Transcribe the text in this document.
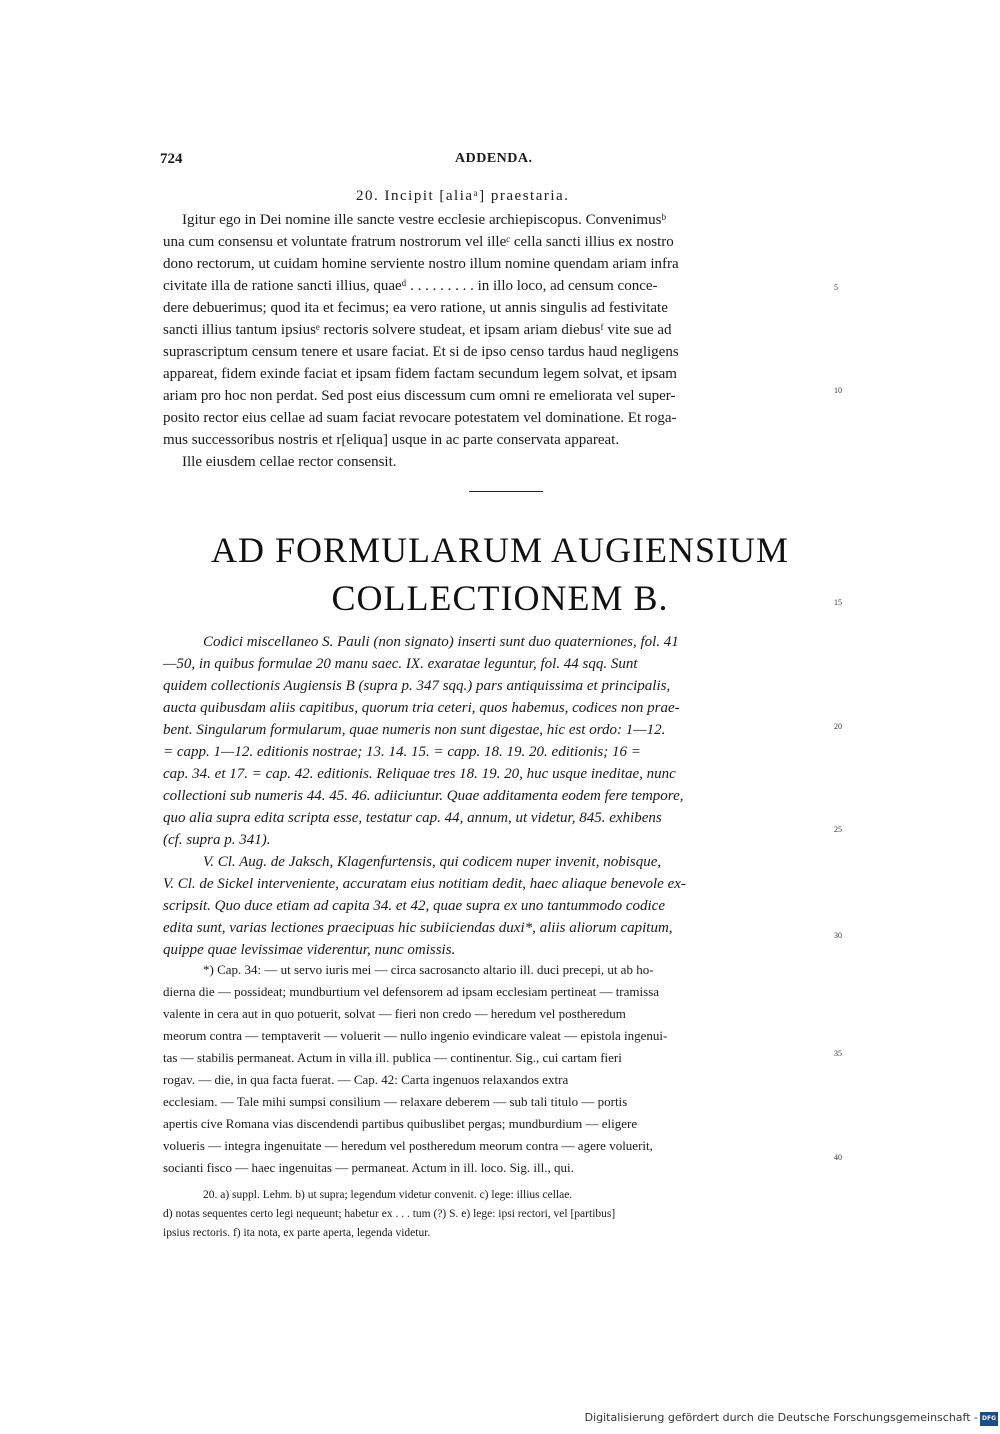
724	ADDENDA.
20. Incipit [aliaᵃ] praestaria.
Igitur ego in Dei nomine ille sancte vestre ecclesie archiepiscopus. Convenimusᵇ
una cum consensu et voluntate fratrum nostrorum vel illeᶜ cella sancti illius ex nostro
dono rectorum, ut cuidam homine serviente nostro illum nomine quendam ariam infra
civitate illa de ratione sancti illius, quaeᵈ . . . . . . . . . in illo loco, ad censum conce-
dere debuerimus; quod ita et fecimus; ea vero ratione, ut annis singulis ad festivitate
sancti illius tantum ipsiusᵉ rectoris solvere studeat, et ipsam ariam diebusᶠ vite sue ad
suprascriptum censum tenere et usare faciat. Et si de ipso censo tardus haud negligens
appareat, fidem exinde faciat et ipsam fidem factam secundum legem solvat, et ipsam
ariam pro hoc non perdat. Sed post eius discessum cum omni re emeliorata vel super-
posito rector eius cellae ad suam faciat revocare potestatem vel dominatione. Et roga-
mus successoribus nostris et r[eliqua] usque in ac parte conservata appareat.
Ille eiusdem cellae rector consensit.
AD FORMULARUM AUGIENSIUM
COLLECTIONEM B.
Codici miscellaneo S. Pauli (non signato) inserti sunt duo quaterniones, fol. 41
—50, in quibus formulae 20 manu saec. IX. exaratae leguntur, fol. 44 sqq. Sunt
quidem collectionis Augiensis B (supra p. 347 sqq.) pars antiquissima et principalis,
aucta quibusdam aliis capitibus, quorum tria ceteri, quos habemus, codices non prae-
bent. Singularum formularum, quae numeris non sunt digestae, hic est ordo: 1—12.
= capp. 1—12. editionis nostrae; 13. 14. 15. = capp. 18. 19. 20. editionis; 16 =
cap. 34. et 17. = cap. 42. editionis. Reliquae tres 18. 19. 20, huc usque ineditae, nunc
collectioni sub numeris 44. 45. 46. adiiciuntur. Quae additamenta eodem fere tempore,
quo alia supra edita scripta esse, testatur cap. 44, annum, ut videtur, 845. exhibens
(cf. supra p. 341).
V. Cl. Aug. de Jaksch, Klagenfurtensis, qui codicem nuper invenit, nobisque,
V. Cl. de Sickel interveniente, accuratam eius notitiam dedit, haec aliaque benevole ex-
scripsit. Quo duce etiam ad capita 34. et 42, quae supra ex uno tantummodo codice
edita sunt, varias lectiones praecipuas hic subiiciendas duxi*, aliis aliorum capitum,
quippe quae levissimae viderentur, nunc omissis.
*) Cap. 34: — ut servo iuris mei — circa sacrosancto altario ill. duci precepi, ut ab ho-
dierna die — possideat; mundburtium vel defensorem ad ipsam ecclesiam pertineat — tramissa
valente in cera aut in quo potuerit, solvat — fieri non credo — heredum vel postheredum
meorum contra — temptaverit — voluerit — nullo ingenio evindicare valeat — epistola ingenui-
tas — stabilis permaneat. Actum in villa ill. publica — continentur. Sig., cui cartam fieri
rogav. — die, in qua facta fuerat. — Cap. 42: Carta ingenuos relaxandos extra
ecclesiam. — Tale mihi sumpsi consilium — relaxare deberem — sub tali titulo — portis
apertis cive Romana vias discendendi partibus quibuslibet pergas; mundburdium — eligere
volueris — integra ingenuitate — heredum vel postheredum meorum contra — agere voluerit,
socianti fisco — haec ingenuitas — permaneat. Actum in ill. loco. Sig. ill., qui.
20. a) suppl. Lehm. b) ut supra; legendum videtur convenit. c) lege: illius cellae.
d) notas sequentes certo legi nequeunt; habetur ex . . . tum (?) S. e) lege: ipsi rectori, vel [partibus]
ipsius rectoris. f) ita nota, ex parte aperta, legenda videtur.
5
10
15
20
25
30
35
40
Digitalisierung gefördert durch die Deutsche Forschungsgemeinschaft - DFG
